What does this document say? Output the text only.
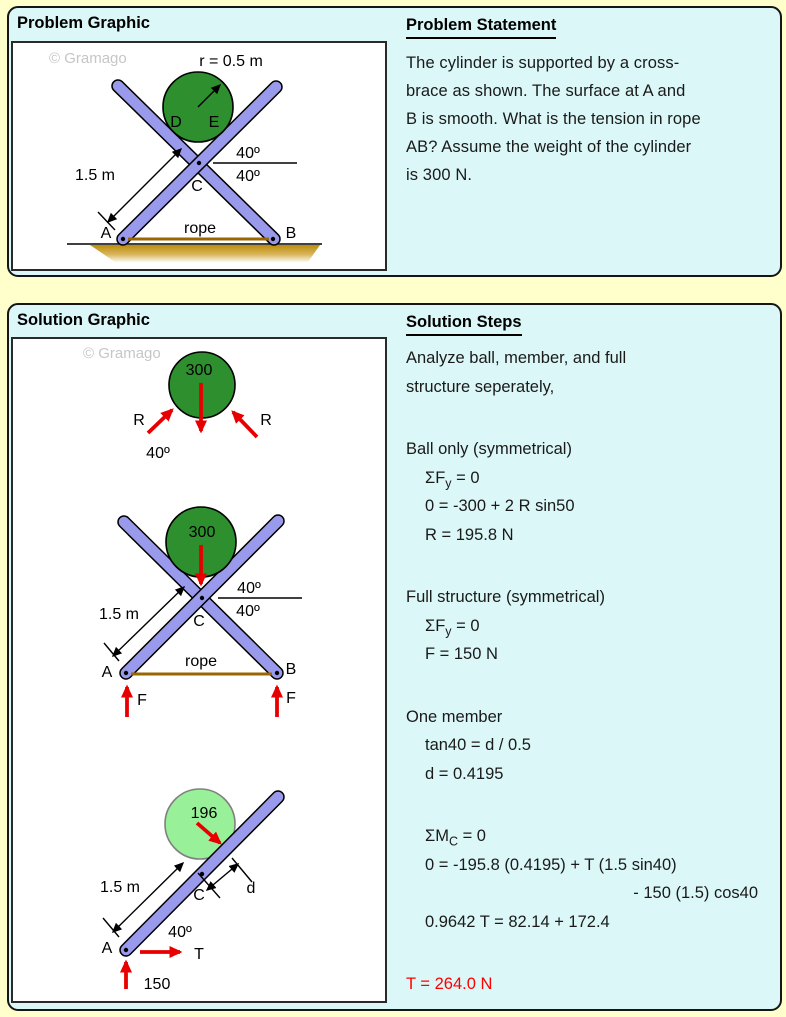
Problem Graphic
© Gramago	r = 0.5 m
D E
40º
40º
C
1.5 m
A	B
rope
Problem Statement
The cylinder is supported by a cross-
brace as shown. The surface at A and
B is smooth. What is the tension in rope
AB? Assume the weight of the cylinder
is 300 N.
Solution Graphic
© Gramago
300
R	R
40º
300
40º
40º
C
1.5 m
A	B
rope
F	F
196
C
1.5 m	d
40º
A	T
150
Solution Steps
Analyze ball, member, and full
structure seperately,
Ball only (symmetrical)
$\Sigma F_y = 0$
0 = -300 + 2 R sin50
R = 195.8 N
Full structure (symmetrical)
$\Sigma F_y = 0$
F = 150 N
One member
tan40 = d / 0.5
d = 0.4195
$\Sigma M_C = 0$
0 = -195.8 (0.4195) + T (1.5 sin40)
- 150 (1.5) cos40
0.9642 T = 82.14 + 172.4
T = 264.0 N
